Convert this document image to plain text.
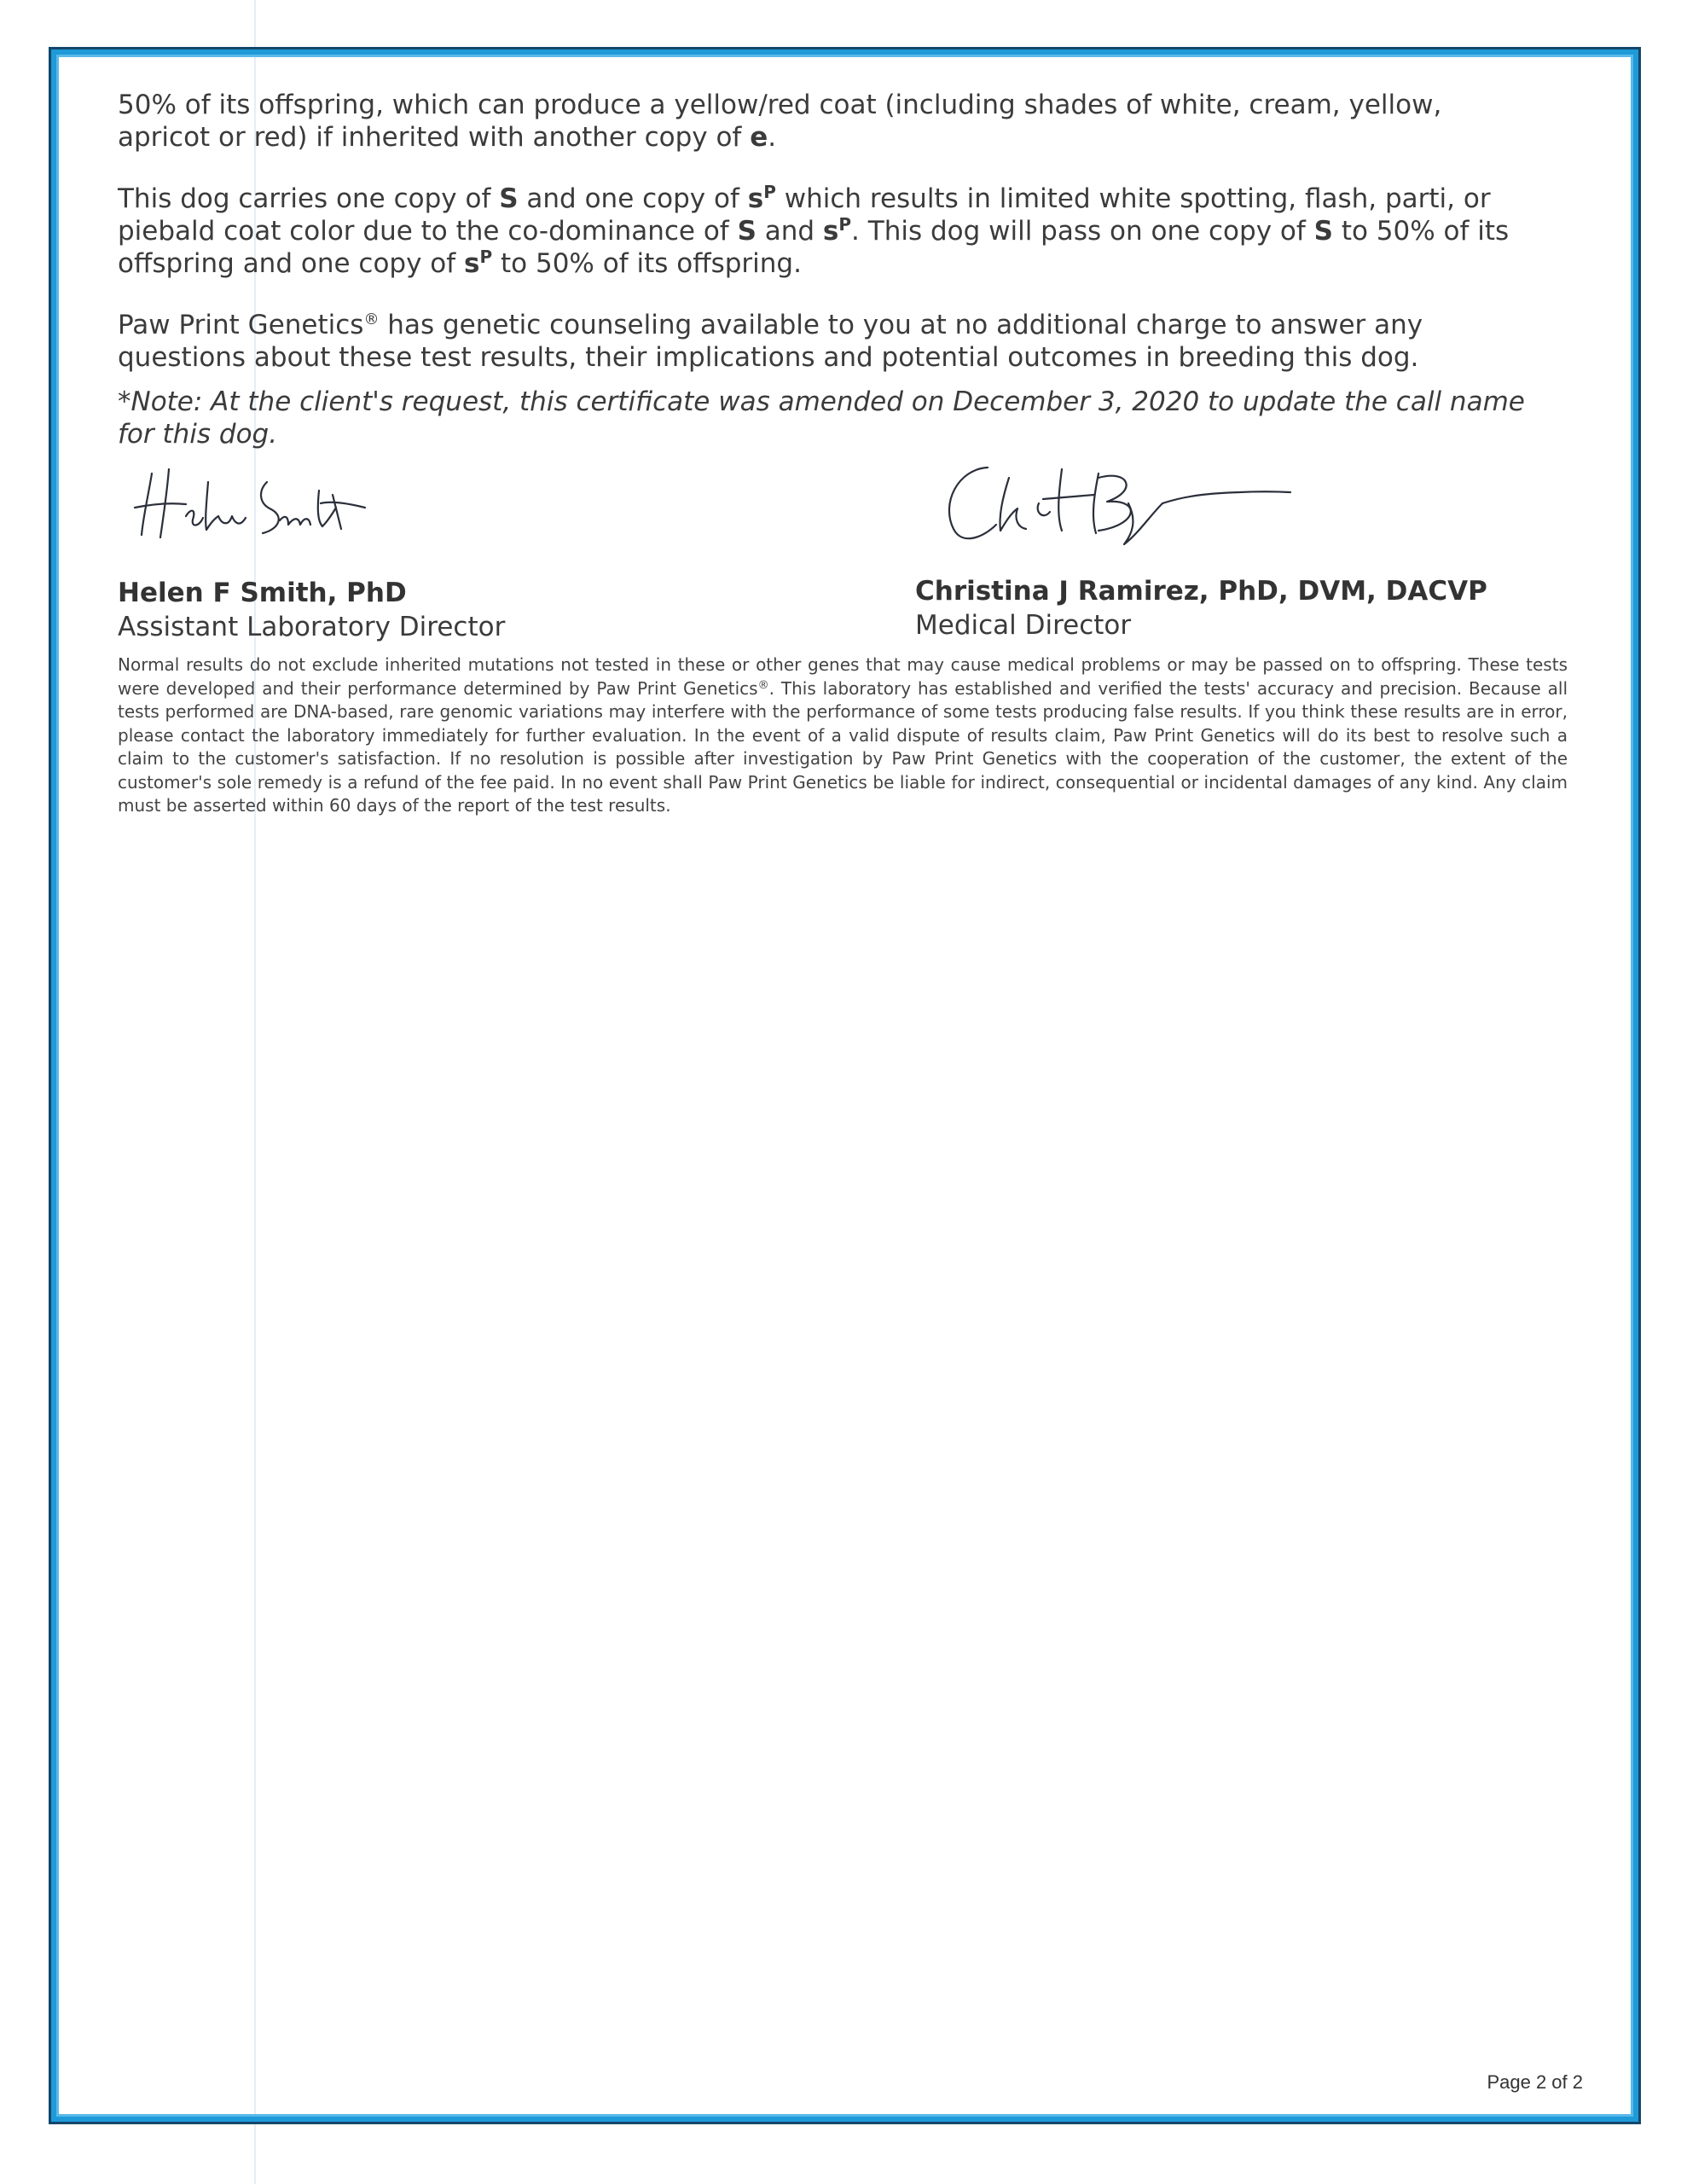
50% of its offspring, which can produce a yellow/red coat (including shades of white, cream, yellow, apricot or red) if inherited with another copy of e.

This dog carries one copy of S and one copy of $s^P$ which results in limited white spotting, flash, parti, or piebald coat color due to the co-dominance of S and $s^P$. This dog will pass on one copy of S to 50% of its offspring and one copy of $s^P$ to 50% of its offspring.

Paw Print Genetics® has genetic counseling available to you at no additional charge to answer any questions about these test results, their implications and potential outcomes in breeding this dog.

*Note: At the client's request, this certificate was amended on December 3, 2020 to update the call name for this dog.

Helen F Smith, PhD
Assistant Laboratory Director
Christina J Ramirez, PhD, DVM, DACVP
Medical Director
Normal results do not exclude inherited mutations not tested in these or other genes that may cause medical problems or may be passed on to offspring. These tests were developed and their performance determined by Paw Print Genetics®. This laboratory has established and verified the tests' accuracy and precision. Because all tests performed are DNA-based, rare genomic variations may interfere with the performance of some tests producing false results. If you think these results are in error, please contact the laboratory immediately for further evaluation. In the event of a valid dispute of results claim, Paw Print Genetics will do its best to resolve such a claim to the customer's satisfaction. If no resolution is possible after investigation by Paw Print Genetics with the cooperation of the customer, the extent of the customer's sole remedy is a refund of the fee paid. In no event shall Paw Print Genetics be liable for indirect, consequential or incidental damages of any kind. Any claim must be asserted within 60 days of the report of the test results.
Page 2 of 2
